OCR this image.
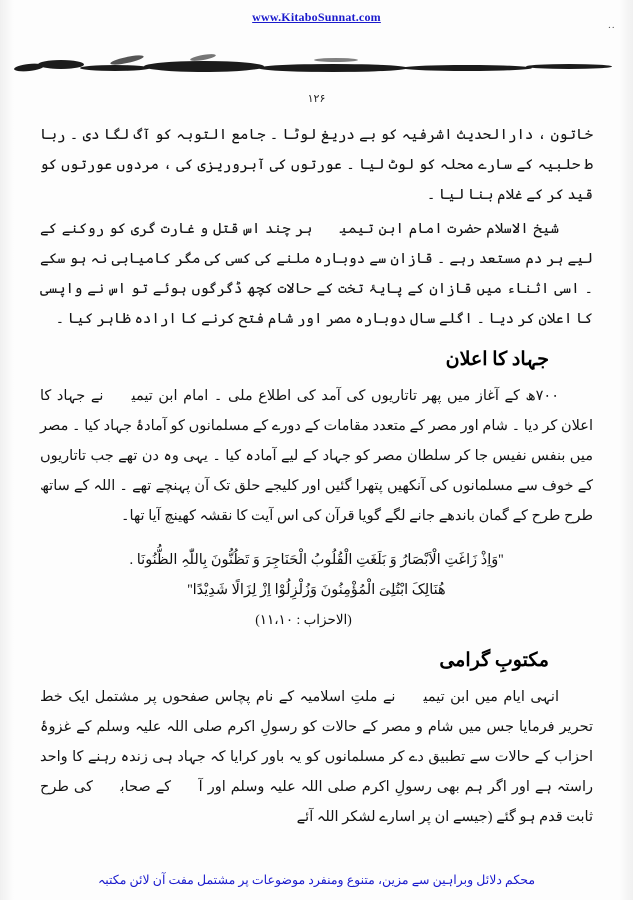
www.KitaboSunnat.com
··
۱۲۶

خاتون ، دارالحدیث اشرفیہ کو بے دریغ لوٹا ۔ جامع التوبہ کو آگ لگا دی ۔ ربا ط حلبیہ کے سارے محلہ کو لوٹ لیا ۔ عورتوں کی آبروریزی کی ، مردوں عورتوں کو قید کر کے غلام بنا لیا ۔

شیخ الاسلام حضرت امام ابن تیمیہؒ ہر چند اس قتل و غارت گری کو روکنے کے لیے ہر دم مستعد رہے ۔ قازان سے دوبارہ ملنے کی کسی کی مگر کامیابی نہ ہو سکے ۔ اسی اثناء میں قازان کے پایۂ تخت کے حالات کچھ ڈگرگوں ہوئے تو اس نے واپسی کا اعلان کر دیا ۔ اگلے سال دوبارہ مصر اور شام فتح کرنے کا ارادہ ظاہر کیا ۔

جہاد کا اعلان

۷۰۰ھ کے آغاز میں پھر تاتاریوں کی آمد کی اطلاع ملی ۔ امام ابن تیمیہؒ نے جہاد کا اعلان کر دیا ۔ شام اور مصر کے متعدد مقامات کے دورے کے مسلمانوں کو آمادۂ جہاد کیا ۔ مصر میں بنفس نفیس جا کر سلطان مصر کو جہاد کے لیے آمادہ کیا ۔ یہی وہ دن تھے جب تاتاریوں کے خوف سے مسلمانوں کی آنکھیں پتھرا گئیں اور کلیجے حلق تک آن پہنچے تھے ۔ اللہ کے ساتھ طرح طرح کے گمان باندھے جانے لگے گویا قرآن کی اس آیت کا نقشہ کھینچ آیا تھا۔

''وَاِذْ زَاغَتِ الْاَبْصَارُ وَ بَلَغَتِ الْقُلُوبُ الْحَنَاجِرَ وَ تَظُنُّونَ بِاللّٰہِ الظُّنُونَا .
ھُنَالِکَ ابْتُلِیَ الْمُؤْمِنُونَ وَزُلْزِلُوْا اِزْ لِزَالًا شَدِیْدًا''
(الاحزاب : ۱۱،۱۰)
مکتوبِ گرامی

انہی ایام میں ابن تیمیہؒ نے ملتِ اسلامیہ کے نام پچاس صفحوں پر مشتمل ایک خط تحریر فرمایا جس میں شام و مصر کے حالات کو رسولِ اکرم صلی اللہ علیہ وسلم کے غزوۂ احزاب کے حالات سے تطبیق دے کر مسلمانوں کو یہ باور کرایا کہ جہاد ہی زندہ رہنے کا واحد راستہ ہے اور اگر ہم بھی رسولِ اکرم صلی اللہ علیہ وسلم اور آپؐ کے صحابہؓ کی طرح ثابت قدم ہو گئے (جیسے ان پر اسارے لشکر اللہ آئے

محکم دلائل وبراہین سے مزین، متنوع ومنفرد موضوعات پر مشتمل مفت آن لائن مکتبہ
